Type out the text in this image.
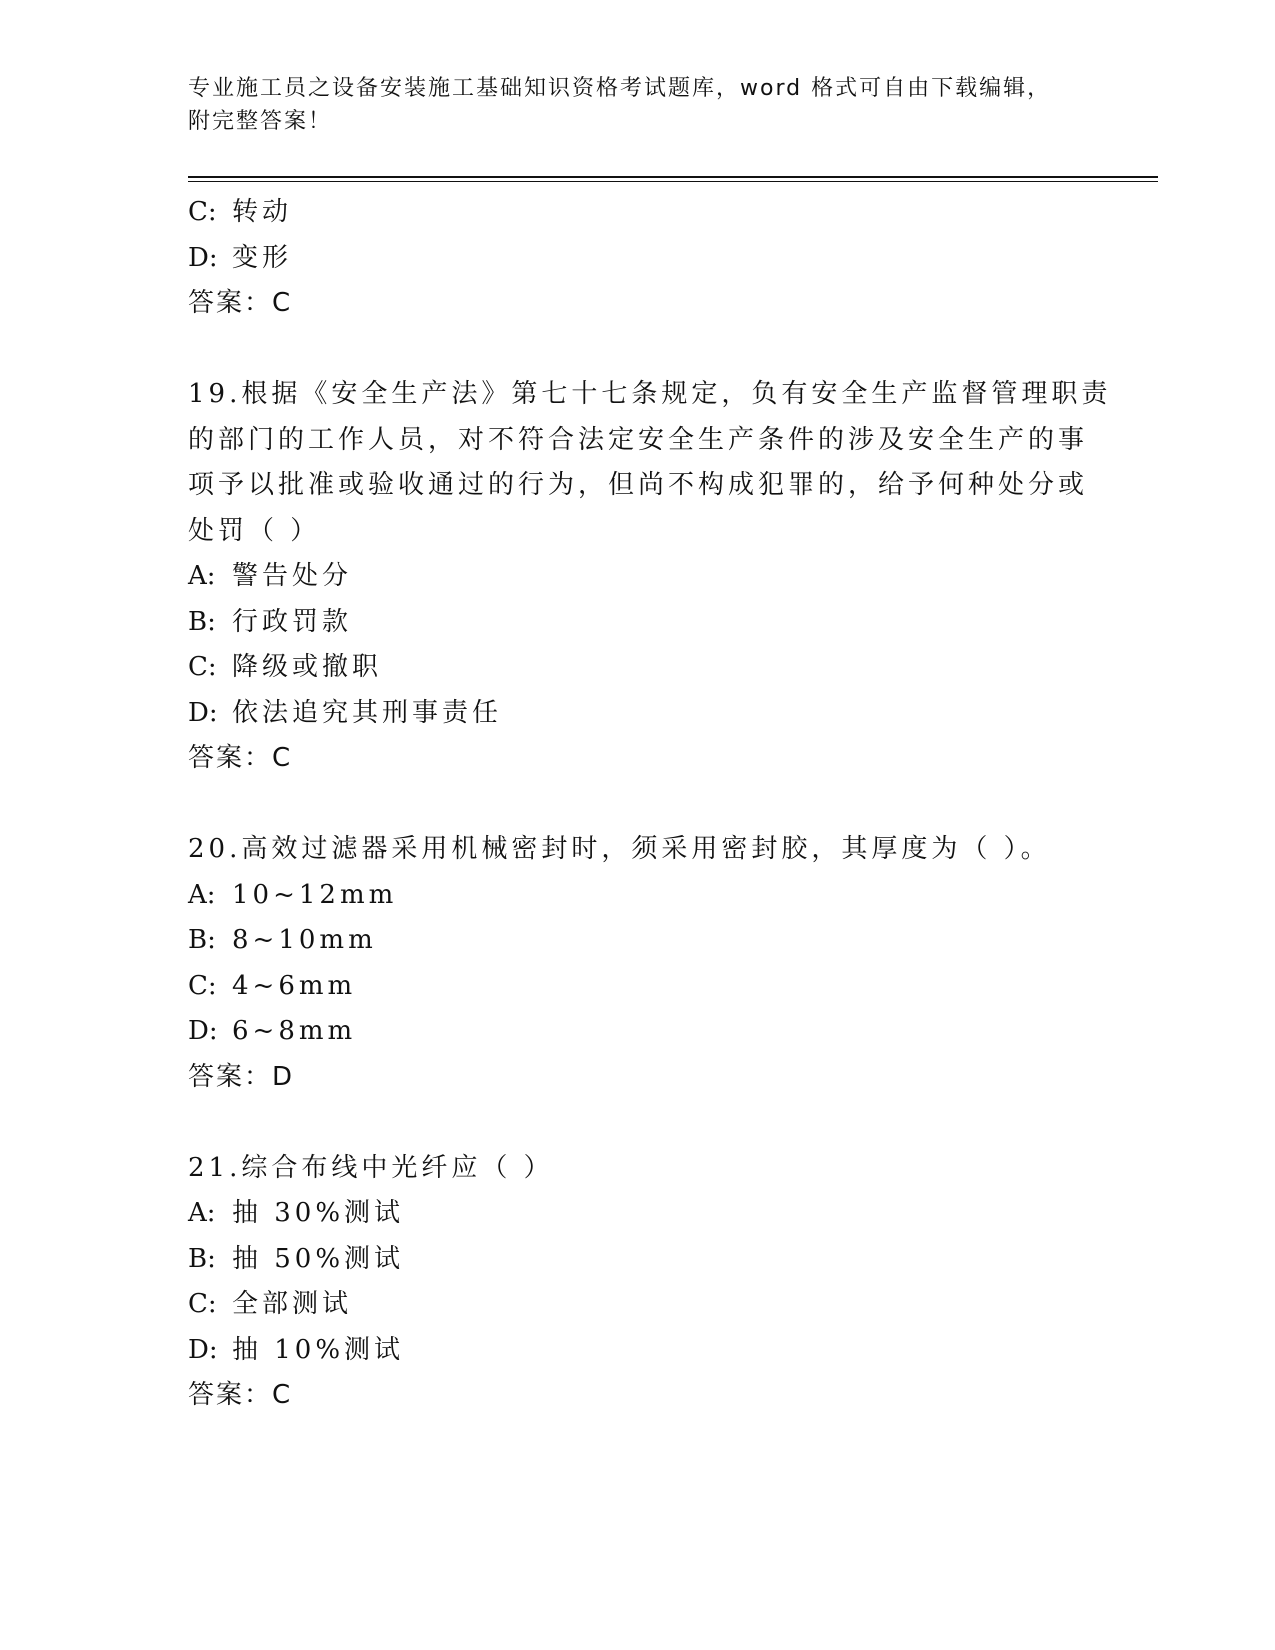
专业施工员之设备安装施工基础知识资格考试题库，word 格式可自由下载编辑，
附完整答案！
C: 转动
D: 变形
答案：C
19.根据《安全生产法》第七十七条规定，负有安全生产监督管理职责
的部门的工作人员，对不符合法定安全生产条件的涉及安全生产的事
项予以批准或验收通过的行为，但尚不构成犯罪的，给予何种处分或
处罚（ ）
A: 警告处分
B: 行政罚款
C: 降级或撤职
D: 依法追究其刑事责任
答案：C
20.高效过滤器采用机械密封时，须采用密封胶，其厚度为（ ）。
A: 10~12mm
B: 8~10mm
C: 4~6mm
D: 6~8mm
答案：D
21.综合布线中光纤应（ ）
A: 抽 30%测试
B: 抽 50%测试
C: 全部测试
D: 抽 10%测试
答案：C
